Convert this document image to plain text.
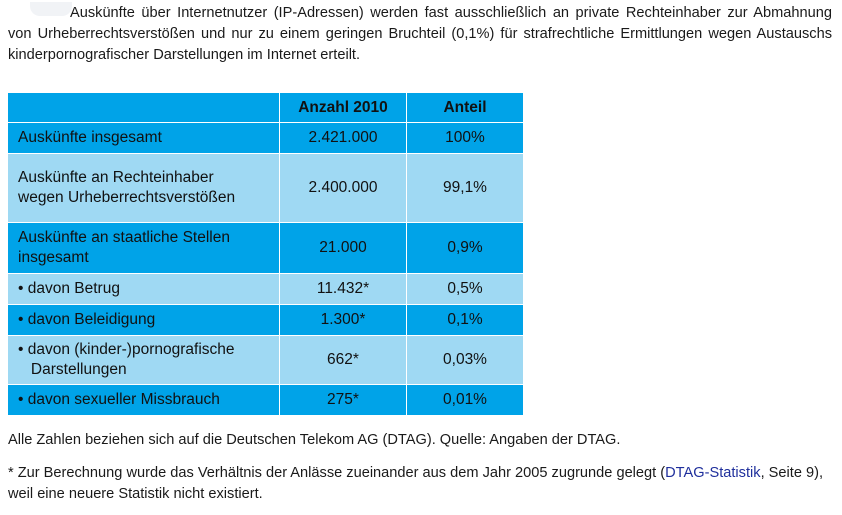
Auskünfte über Internetnutzer (IP-Adressen) werden fast ausschließlich an private Rechteinhaber zur Abmahnung von Urheberrechtsverstößen und nur zu einem geringen Bruchteil (0,1%) für strafrechtliche Ermittlungen wegen Austauschs kinderpornografischer Darstellungen im Internet erteilt.

	Anzahl 2010	Anteil
Auskünfte insgesamt	2.421.000	100%
Auskünfte an Rechteinhaber
wegen Urheberrechtsverstößen	2.400.000	99,1%
Auskünfte an staatliche Stellen
insgesamt	21.000	0,9%
• davon Betrug	11.432*	0,5%
• davon Beleidigung	1.300*	0,1%
• davon (kinder-)pornografische
Darstellungen	662*	0,03%
• davon sexueller Missbrauch	275*	0,01%

Alle Zahlen beziehen sich auf die Deutschen Telekom AG (DTAG). Quelle: Angaben der DTAG.

* Zur Berechnung wurde das Verhältnis der Anlässe zueinander aus dem Jahr 2005 zugrunde gelegt (DTAG-Statistik, Seite 9), weil eine neuere Statistik nicht existiert.
